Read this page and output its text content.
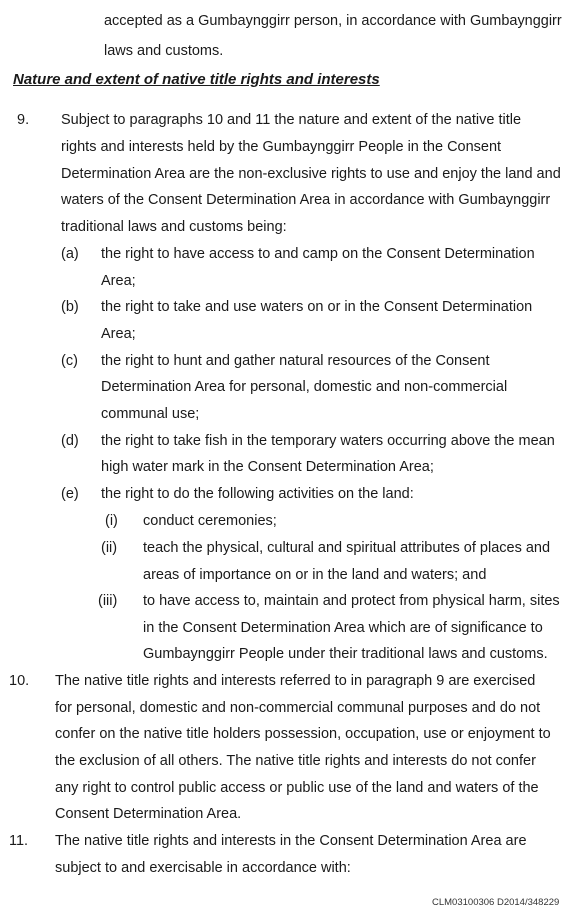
accepted as a Gumbaynggirr person, in accordance with Gumbaynggirr
laws and customs.
Nature and extent of native title rights and interests
9. Subject to paragraphs 10 and 11 the nature and extent of the native title
rights and interests held by the Gumbaynggirr People in the Consent
Determination Area are the non-exclusive rights to use and enjoy the land and
waters of the Consent Determination Area in accordance with Gumbaynggirr
traditional laws and customs being:
(a) the right to have access to and camp on the Consent Determination
Area;
(b) the right to take and use waters on or in the Consent Determination
Area;
(c) the right to hunt and gather natural resources of the Consent
Determination Area for personal, domestic and non-commercial
communal use;
(d) the right to take fish in the temporary waters occurring above the mean
high water mark in the Consent Determination Area;
(e) the right to do the following activities on the land:
(i) conduct ceremonies;
(ii) teach the physical, cultural and spiritual attributes of places and
areas of importance on or in the land and waters; and
(iii) to have access to, maintain and protect from physical harm, sites
in the Consent Determination Area which are of significance to
Gumbaynggirr People under their traditional laws and customs.
10. The native title rights and interests referred to in paragraph 9 are exercised
for personal, domestic and non-commercial communal purposes and do not
confer on the native title holders possession, occupation, use or enjoyment to
the exclusion of all others. The native title rights and interests do not confer
any right to control public access or public use of the land and waters of the
Consent Determination Area.
11. The native title rights and interests in the Consent Determination Area are
subject to and exercisable in accordance with:
CLM03100306 D2014/348229
